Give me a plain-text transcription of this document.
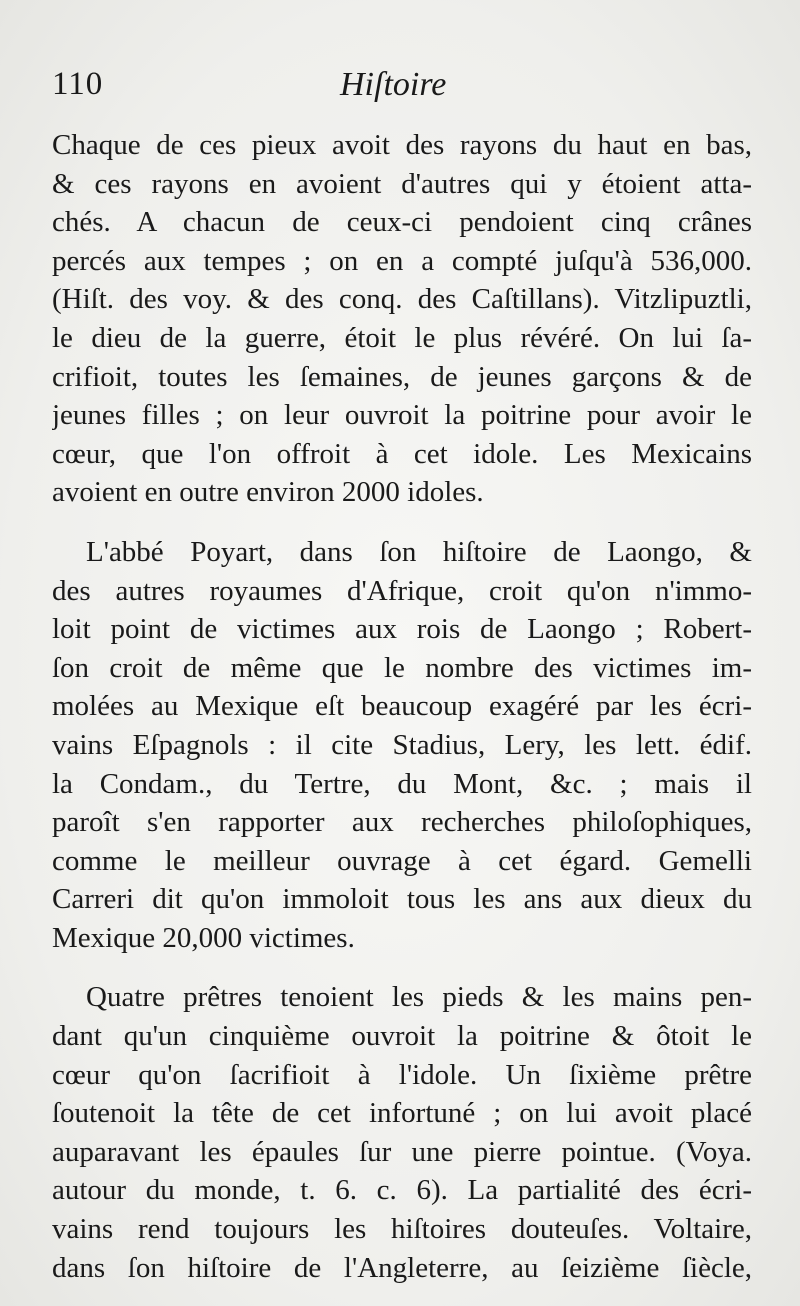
110	Hiſtoire
Chaque de ces pieux avoit des rayons du haut en bas,
& ces rayons en avoient d'autres qui y étoient atta-
chés. A chacun de ceux-ci pendoient cinq crânes
percés aux tempes ; on en a compté juſqu'à 536,000.
(Hiſt. des voy. & des conq. des Caſtillans). Vitzlipuztli,
le dieu de la guerre, étoit le plus révéré. On lui ſa-
crifioit, toutes les ſemaines, de jeunes garçons & de
jeunes filles ; on leur ouvroit la poitrine pour avoir le
cœur, que l'on offroit à cet idole. Les Mexicains
avoient en outre environ 2000 idoles.
L'abbé Poyart, dans ſon hiſtoire de Laongo, &
des autres royaumes d'Afrique, croit qu'on n'immo-
loit point de victimes aux rois de Laongo ; Robert-
ſon croit de même que le nombre des victimes im-
molées au Mexique eſt beaucoup exagéré par les écri-
vains Eſpagnols : il cite Stadius, Lery, les lett. édif.
la Condam., du Tertre, du Mont, &c. ; mais il
paroît s'en rapporter aux recherches philoſophiques,
comme le meilleur ouvrage à cet égard. Gemelli
Carreri dit qu'on immoloit tous les ans aux dieux du
Mexique 20,000 victimes.
Quatre prêtres tenoient les pieds & les mains pen-
dant qu'un cinquième ouvroit la poitrine & ôtoit le
cœur qu'on ſacrifioit à l'idole. Un ſixième prêtre
ſoutenoit la tête de cet infortuné ; on lui avoit placé
auparavant les épaules ſur une pierre pointue. (Voya.
autour du monde, t. 6. c. 6). La partialité des écri-
vains rend toujours les hiſtoires douteuſes. Voltaire,
dans ſon hiſtoire de l'Angleterre, au ſeizième ſiècle,
